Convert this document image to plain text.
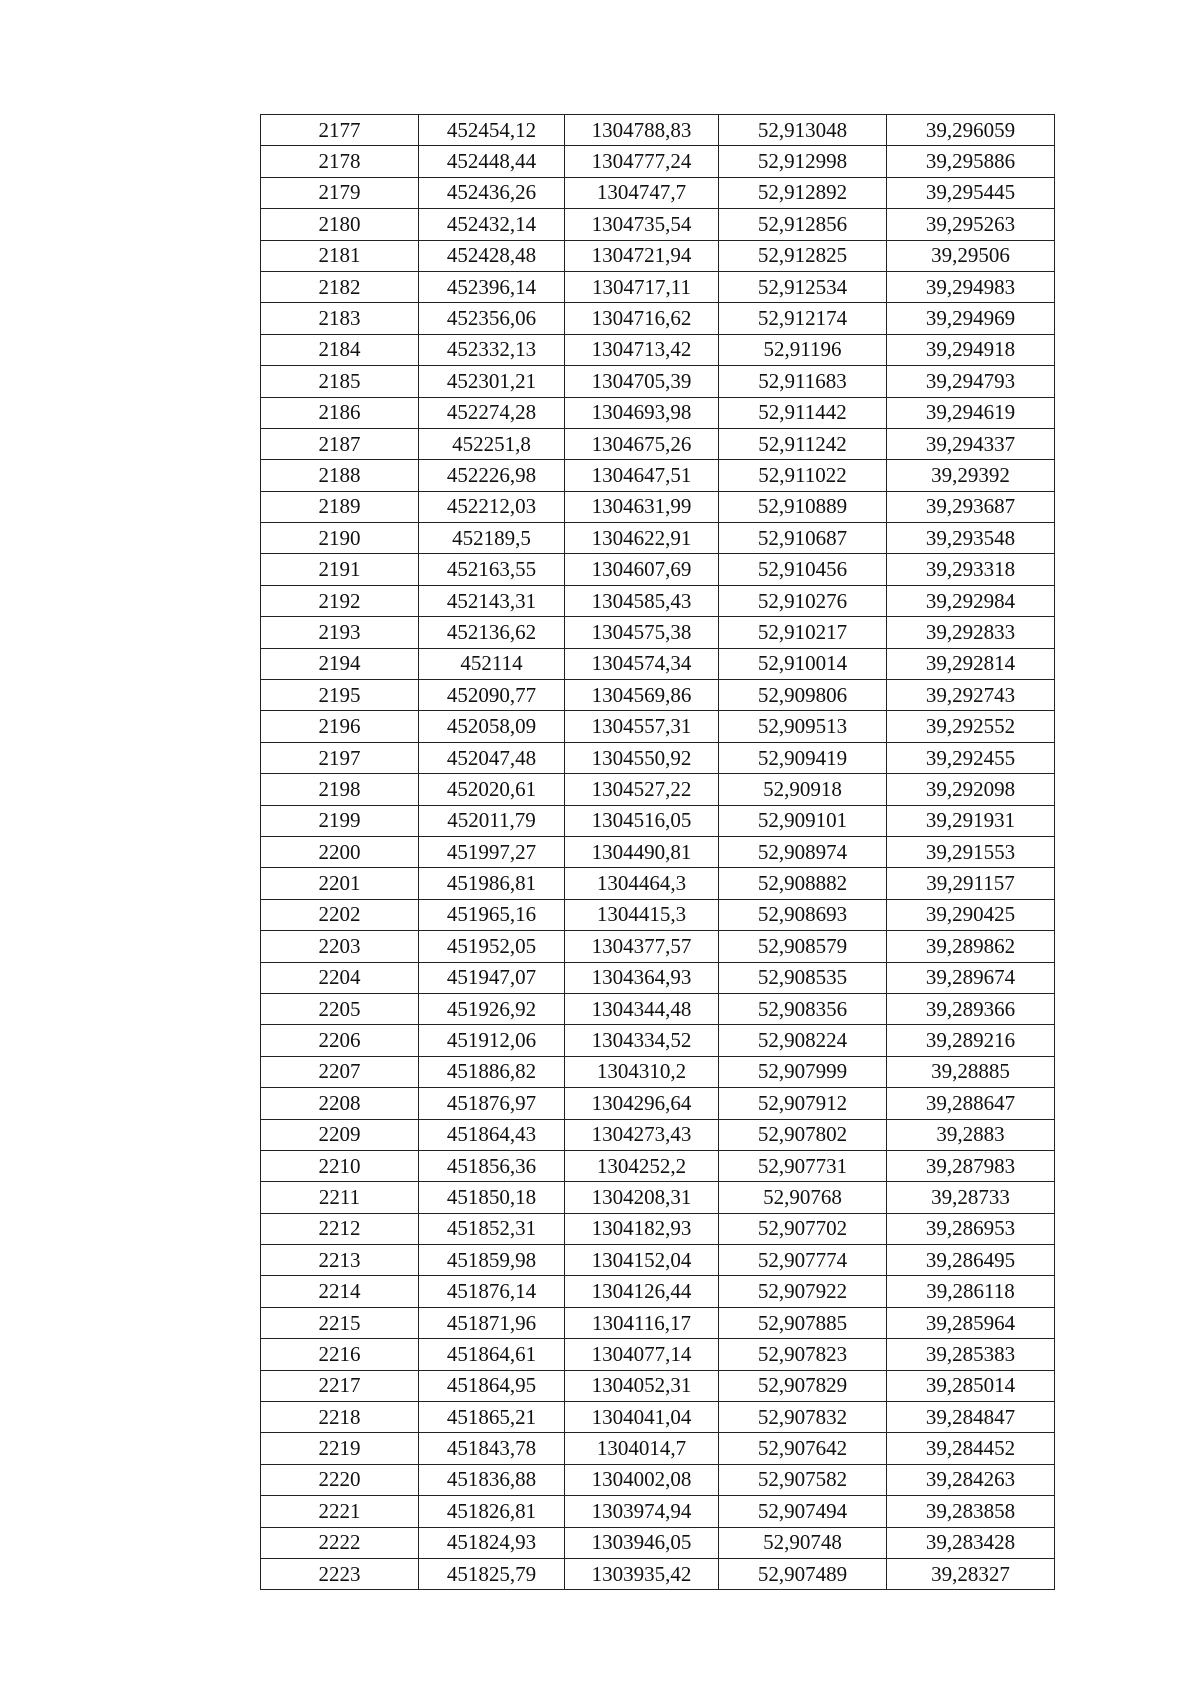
2177	452454,12	1304788,83	52,913048	39,296059
2178	452448,44	1304777,24	52,912998	39,295886
2179	452436,26	1304747,7	52,912892	39,295445
2180	452432,14	1304735,54	52,912856	39,295263
2181	452428,48	1304721,94	52,912825	39,29506
2182	452396,14	1304717,11	52,912534	39,294983
2183	452356,06	1304716,62	52,912174	39,294969
2184	452332,13	1304713,42	52,91196	39,294918
2185	452301,21	1304705,39	52,911683	39,294793
2186	452274,28	1304693,98	52,911442	39,294619
2187	452251,8	1304675,26	52,911242	39,294337
2188	452226,98	1304647,51	52,911022	39,29392
2189	452212,03	1304631,99	52,910889	39,293687
2190	452189,5	1304622,91	52,910687	39,293548
2191	452163,55	1304607,69	52,910456	39,293318
2192	452143,31	1304585,43	52,910276	39,292984
2193	452136,62	1304575,38	52,910217	39,292833
2194	452114	1304574,34	52,910014	39,292814
2195	452090,77	1304569,86	52,909806	39,292743
2196	452058,09	1304557,31	52,909513	39,292552
2197	452047,48	1304550,92	52,909419	39,292455
2198	452020,61	1304527,22	52,90918	39,292098
2199	452011,79	1304516,05	52,909101	39,291931
2200	451997,27	1304490,81	52,908974	39,291553
2201	451986,81	1304464,3	52,908882	39,291157
2202	451965,16	1304415,3	52,908693	39,290425
2203	451952,05	1304377,57	52,908579	39,289862
2204	451947,07	1304364,93	52,908535	39,289674
2205	451926,92	1304344,48	52,908356	39,289366
2206	451912,06	1304334,52	52,908224	39,289216
2207	451886,82	1304310,2	52,907999	39,28885
2208	451876,97	1304296,64	52,907912	39,288647
2209	451864,43	1304273,43	52,907802	39,2883
2210	451856,36	1304252,2	52,907731	39,287983
2211	451850,18	1304208,31	52,90768	39,28733
2212	451852,31	1304182,93	52,907702	39,286953
2213	451859,98	1304152,04	52,907774	39,286495
2214	451876,14	1304126,44	52,907922	39,286118
2215	451871,96	1304116,17	52,907885	39,285964
2216	451864,61	1304077,14	52,907823	39,285383
2217	451864,95	1304052,31	52,907829	39,285014
2218	451865,21	1304041,04	52,907832	39,284847
2219	451843,78	1304014,7	52,907642	39,284452
2220	451836,88	1304002,08	52,907582	39,284263
2221	451826,81	1303974,94	52,907494	39,283858
2222	451824,93	1303946,05	52,90748	39,283428
2223	451825,79	1303935,42	52,907489	39,28327
